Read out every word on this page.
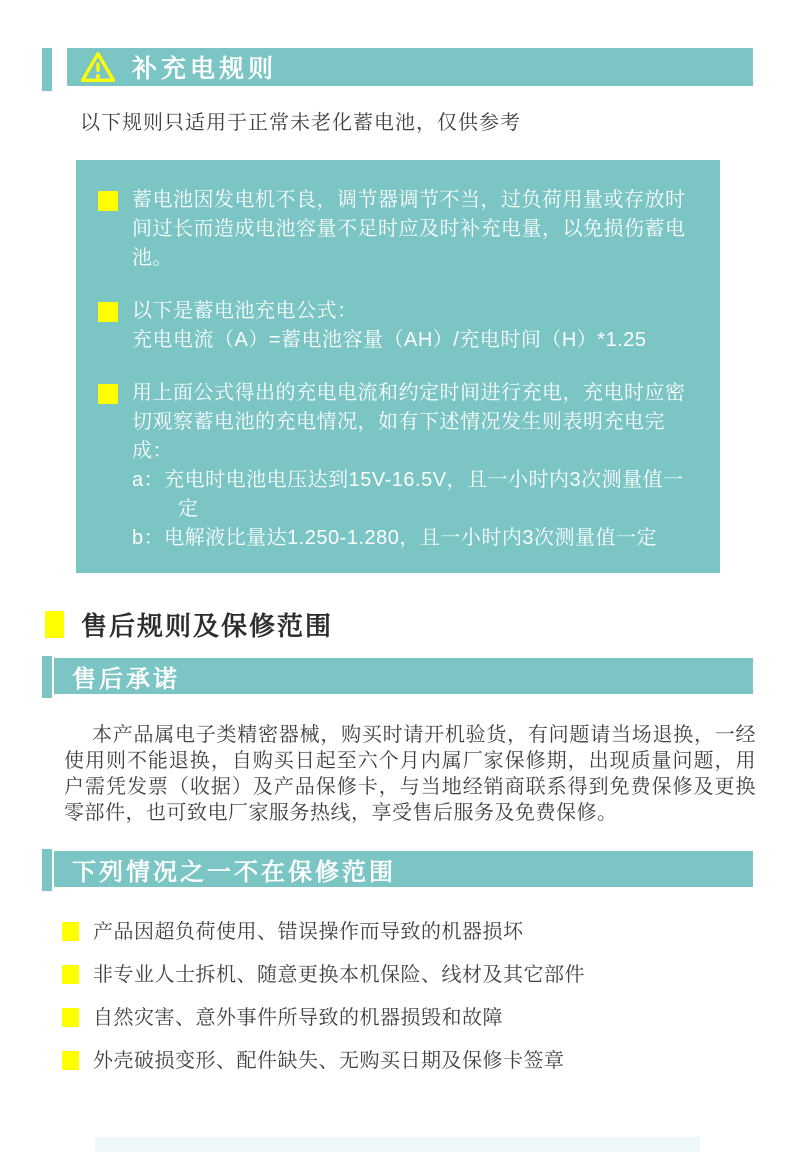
补充电规则

以下规则只适用于正常未老化蓄电池，仅供参考

蓄电池因发电机不良，调节器调节不当，过负荷用量或存放时间过长而造成电池容量不足时应及时补充电量，以免损伤蓄电池。
以下是蓄电池充电公式：
充电电流（A）=蓄电池容量（AH）/充电时间（H）*1.25
用上面公式得出的充电电流和约定时间进行充电，充电时应密切观察蓄电池的充电情况，如有下述情况发生则表明充电完成：
a：充电时电池电压达到15V-16.5V，且一小时内3次测量值一定
b：电解液比量达1.250-1.280，且一小时内3次测量值一定
售后规则及保修范围
售后承诺

本产品属电子类精密器械，购买时请开机验货，有问题请当场退换，一经使用则不能退换，自购买日起至六个月内属厂家保修期，出现质量问题，用户需凭发票（收据）及产品保修卡，与当地经销商联系得到免费保修及更换零部件，也可致电厂家服务热线，享受售后服务及免费保修。

下列情况之一不在保修范围
产品因超负荷使用、错误操作而导致的机器损坏
非专业人士拆机、随意更换本机保险、线材及其它部件
自然灾害、意外事件所导致的机器损毁和故障
外壳破损变形、配件缺失、无购买日期及保修卡签章
